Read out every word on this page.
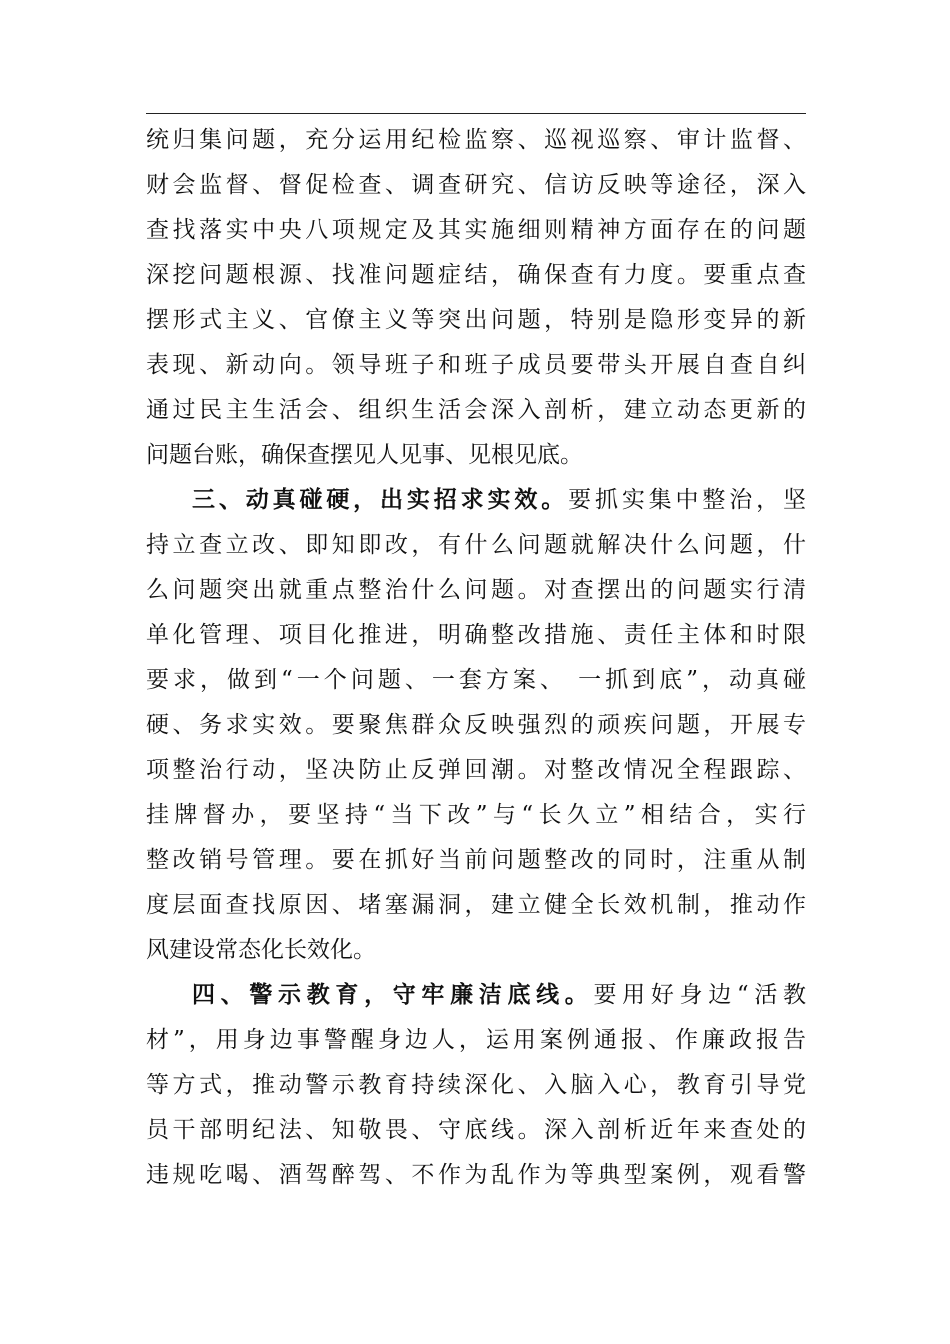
统归集问题，充分运用纪检监察、巡视巡察、审计监督、
财会监督、督促检查、调查研究、信访反映等途径，深入
查找落实中央八项规定及其实施细则精神方面存在的问题
深挖问题根源、找准问题症结，确保查有力度。要重点查
摆形式主义、官僚主义等突出问题，特别是隐形变异的新
表现、新动向。领导班子和班子成员要带头开展自查自纠
通过民主生活会、组织生活会深入剖析，建立动态更新的
问题台账，确保查摆见人见事、见根见底。
三、动真碰硬，出实招求实效。要抓实集中整治，坚
持立查立改、即知即改，有什么问题就解决什么问题，什
么问题突出就重点整治什么问题。对查摆出的问题实行清
单化管理、项目化推进，明确整改措施、责任主体和时限
要求，做到“一个问题、一套方案、 一抓到底”，动真碰
硬、务求实效。要聚焦群众反映强烈的顽疾问题，开展专
项整治行动，坚决防止反弹回潮。对整改情况全程跟踪、
挂牌督办，要坚持“当下改”与“长久立”相结合，实行
整改销号管理。要在抓好当前问题整改的同时，注重从制
度层面查找原因、堵塞漏洞，建立健全长效机制，推动作
风建设常态化长效化。
四、警示教育，守牢廉洁底线。要用好身边“活教
材”，用身边事警醒身边人，运用案例通报、作廉政报告
等方式，推动警示教育持续深化、入脑入心，教育引导党
员干部明纪法、知敬畏、守底线。深入剖析近年来查处的
违规吃喝、酒驾醉驾、不作为乱作为等典型案例，观看警
